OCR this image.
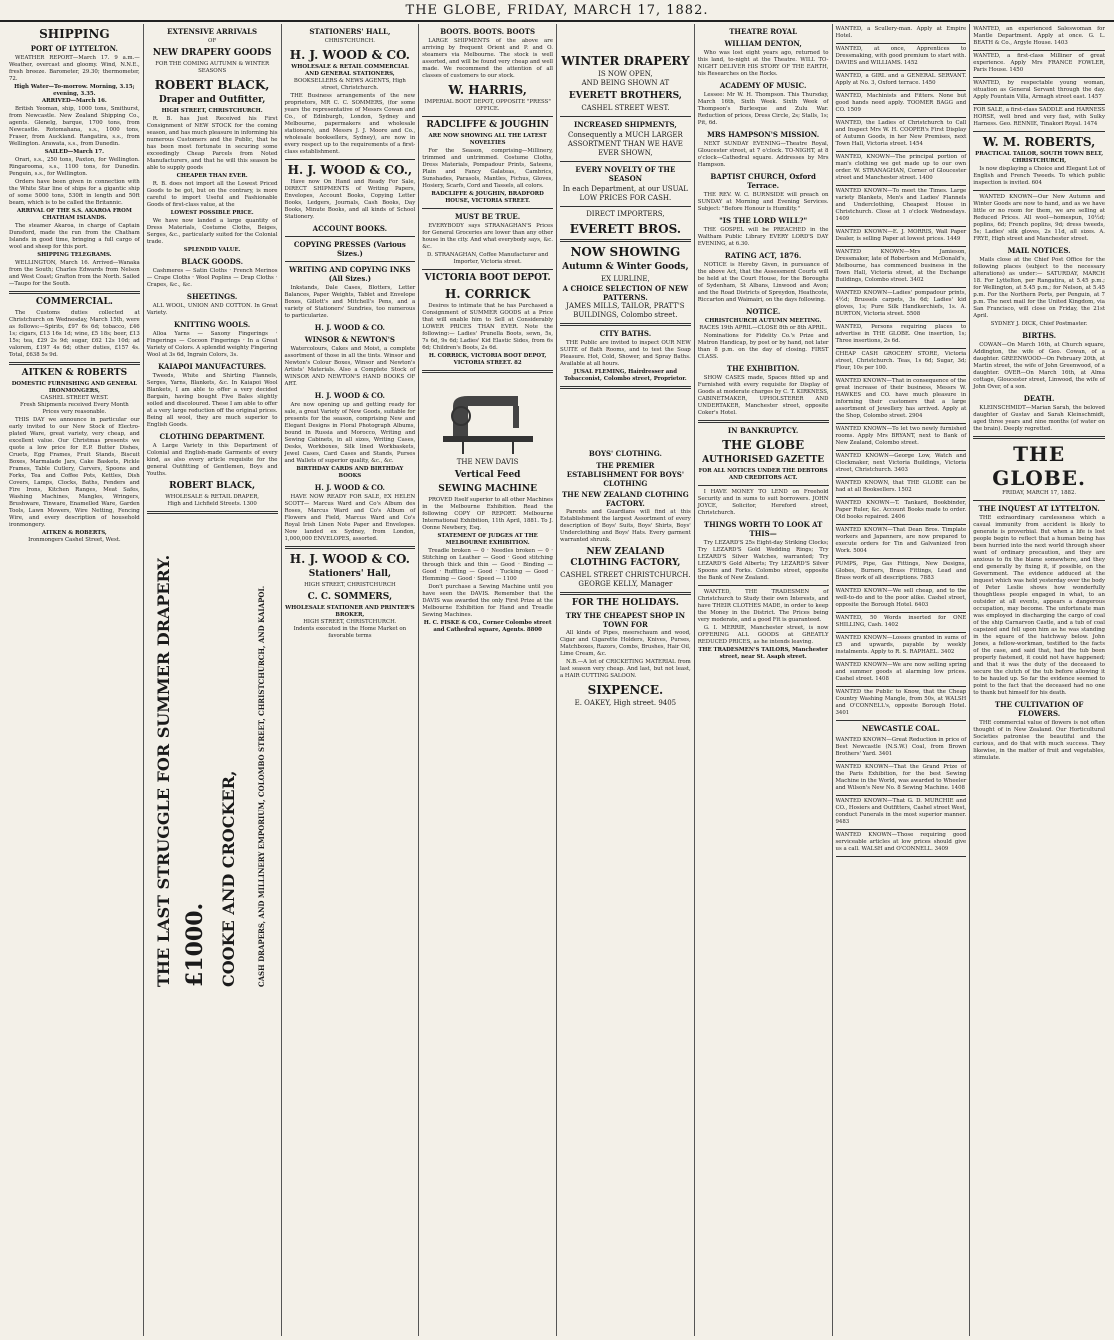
THE GLOBE, FRIDAY, MARCH 17, 1882.
SHIPPING
PORT OF LYTTELTON.

WEATHER REPORT—March 17. 9 a.m.—Weather, overcast and gloomy. Wind, N.N.E., fresh breeze. Barometer, 29.30; thermometer, 72.

High Water—To-morrow. Morning, 3.15; evening, 3.35.
ARRIVED—March 16.

British Yeoman, ship, 1000 tons, Smithurst, from Newcastle. New Zealand Shipping Co., agents. Glenelg, barque, 1700 tons, from Newcastle. Rotomahana, s.s., 1000 tons, Fraser, from Auckland. Rangatira, s.s., from Wellington. Arawata, s.s., from Dunedin.

SAILED—March 17.

Orari, s.s., 250 tons, Paxton, for Wellington. Ringarooma, s.s., 1100 tons, for Dunedin. Penguin, s.s., for Wellington.

Orders have been given in connection with the White Star line of ships for a gigantic ship of some 5000 tons, 530ft in length and 50ft beam, which is to be called the Britannic.

ARRIVAL OF THE S.S. AKAROA FROM CHATHAM ISLANDS.

The steamer Akaroa, in charge of Captain Dunsford, made the run from the Chatham Islands in good time, bringing a full cargo of wool and sheep for this port.

SHIPPING TELEGRAMS.

WELLINGTON, March 16. Arrived—Wanaka from the South; Charles Edwards from Nelson and West Coast; Grafton from the North. Sailed—Taupo for the South.

COMMERCIAL.

The Customs duties collected at Christchurch on Wednesday, March 15th, were as follows:—Spirits, £97 6s 6d; tobacco, £46 1s; cigars, £13 16s 1d; wine, £5 18s; beer, £13 15s; tea, £29 2s 9d; sugar, £62 12s 10d; ad valorem, £197 4s 6d; other duties, £157 4s. Total, £638 5s 9d.

AITKEN & ROBERTS
DOMESTIC FURNISHING AND GENERAL IRONMONGERS,
CASHEL STREET WEST.
Fresh Shipments received Every Month
Prices very reasonable.

THIS DAY we announce in particular our early invited to our New Stock of Electro-plated Ware, great variety, very cheap, and excellent value. Our Christmas presents we quote a low price for E.P. Butter Dishes, Cruets, Egg Frames, Fruit Stands, Biscuit Boxes, Marmalade Jars, Cake Baskets, Pickle Frames, Table Cutlery, Carvers, Spoons and Forks, Tea and Coffee Pots, Kettles, Dish Covers, Lamps, Clocks, Baths, Fenders and Fire Irons, Kitchen Ranges, Meat Safes, Washing Machines, Mangles, Wringers, Brushware, Tinware, Enamelled Ware, Garden Tools, Lawn Mowers, Wire Netting, Fencing Wire, and every description of household ironmongery.

AITKEN & ROBERTS,
Ironmongers Cashel Street, West.
EXTENSIVE ARRIVALS
OF
NEW DRAPERY GOODS
FOR THE COMING AUTUMN & WINTER SEASONS
ROBERT BLACK,
Draper and Outfitter,
HIGH STREET, CHRISTCHURCH.

R. B. has Just Received his First Consignment of NEW STOCK for the coming season, and has much pleasure in informing his numerous Customers and the Public, that he has been most fortunate in securing some exceedingly Cheap Parcels from Noted Manufacturers, and that he will this season be able to supply goods

CHEAPER THAN EVER.

R. B. does not import all the Lowest Priced Goods to be got, but on the contrary, is more careful to import Useful and Fashionable Goods of first-class value, at the

LOWEST POSSIBLE PRICE.

We have now landed a large quantity of Dress Materials, Costume Cloths, Beiges, Serges, &c., particularly suited for the Colonial trade.

SPLENDID VALUE.
BLACK GOODS.

Cashmeres — Satin Cloths · French Merinos — Crape Cloths · Wool Poplins — Drap Cloths · Crapes, &c., &c.

SHEETINGS.

ALL WOOL, UNION AND COTTON. In Great Variety.

KNITTING WOOLS.

Alloa Yarns — Saxony Fingerings · Fingerings — Cocoon Fingerings · In a Great Variety of Colors. A splendid weighty Fingering Wool at 3s 6d, Ingrain Colors, 3s.

KAIAPOI MANUFACTURES.

Tweeds, White and Shirting Flannels, Serges, Yarns, Blankets, &c. In Kaiapoi Wool Blankets, I am able to offer a very decided Bargain, having bought Five Bales slightly soiled and discoloured. These I am able to offer at a very large reduction off the original prices. Being all wool, they are much superior to English Goods.

CLOTHING DEPARTMENT.

A Large Variety in this Department of Colonial and English-made Garments of every kind, as also every article requisite for the general Outfitting of Gentlemen, Boys and Youths.

ROBERT BLACK,
WHOLESALE & RETAIL DRAPER,
High and Lichfield Streets. 1300
THE LAST STRUGGLE FOR SUMMER DRAPERY. £1000. COOKE AND CROCKER,	CASH DRAPERS, AND MILLINERY EMPORIUM, COLOMBO STREET, CHRISTCHURCH, AND KAIAPOI.
STATIONERS' HALL,
CHRISTCHURCH.
H. J. WOOD & CO.
WHOLESALE & RETAIL COMMERCIAL AND GENERAL STATIONERS,
BOOKSELLERS & NEWS AGENTS, High street, Christchurch.

THE Business arrangements of the new proprietors, MR C. C. SOMMERS, (for some years the representative of Messrs Cowan and Co., of Edinburgh, London, Sydney and Melbourne, papermakers and wholesale stationers), and Messrs J. J. Moore and Co., wholesale booksellers, Sydney), are now in every respect up to the requirements of a first-class establishment.

H. J. WOOD & CO.,

Have now On Hand and Ready For Sale, DIRECT SHIPMENTS of Writing Papers, Envelopes, Account Books, Copying Letter Books, Ledgers, Journals, Cash Books, Day Books, Minute Books, and all kinds of School Stationery.

ACCOUNT BOOKS.
COPYING PRESSES (Various Sizes.)
WRITING AND COPYING INKS (All Sizes.)

Inkstands, Dale Cases, Blotters, Letter Balances, Paper Weights, Tablet and Envelope Boxes, Gillott's and Mitchell's Pens, and a variety of Stationers' Sundries, too numerous to particularize.

H. J. WOOD & CO.
WINSOR & NEWTON'S

Watercolours, Cakes and Moist, a complete assortment of those in all the tints. Winsor and Newton's Colour Boxes, Winsor and Newton's Artists' Materials. Also a Complete Stock of WINSOR AND NEWTON'S HAND BOOKS OF ART.

H. J. WOOD & CO.

Are now opening up and getting ready for sale, a great Variety of New Goods, suitable for presents for the season, comprising New and Elegant Designs in Floral Photograph Albums, bound in Russia and Morocco, Writing and Sewing Cabinets, in all sizes, Writing Cases, Desks, Workboxes, Silk lined Workbaskets, Jewel Cases, Card Cases and Stands, Purses and Wallets of superior quality, &c., &c.

BIRTHDAY CARDS AND BIRTHDAY BOOKS
H. J. WOOD & CO.

HAVE NOW READY FOR SALE, EX HELEN SCOTT— Marcus Ward and Co's Album des Roses, Marcus Ward and Co's Album of Flowers and Field, Marcus Ward and Co's Royal Irish Linen Note Paper and Envelopes. Now landed ex Sydney, from London, 1,000,000 ENVELOPES, assorted.

H. J. WOOD & CO.
Stationers' Hall,
HIGH STREET, CHRISTCHURCH
C. C. SOMMERS,
WHOLESALE STATIONER AND PRINTER'S BROKER,
HIGH STREET, CHRISTCHURCH.
Indents executed in the Home Market on favorable terms
BOOTS. BOOTS. BOOTS

LARGE SHIPMENTS of the above are arriving by frequent Orient and P. and O. steamers via Melbourne. The stock is well assorted, and will be found very cheap and well made. We recommend the attention of all classes of customers to our stock.

W. HARRIS,
IMPERIAL BOOT DEPOT, OPPOSITE "PRESS" OFFICE.
RADCLIFFE & JOUGHIN
ARE NOW SHOWING ALL THE LATEST NOVELTIES

For the Season, comprising—Millinery, trimmed and untrimmed. Costume Cloths, Dress Materials, Pompadour Prints, Sateens, Plain and Fancy Galateas, Cambrics, Sunshades, Parasols, Mantles, Fichus, Gloves, Hosiery, Scarfs, Cord and Tassels, all colors.

RADCLIFFE & JOUGHIN, BRADFORD HOUSE, VICTORIA STREET.
MUST BE TRUE.

EVERYBODY says STRANAGHAN'S Prices for General Groceries are lower than any other house in the city. And what everybody says, &c. &c.

D. STRANAGHAN, Coffee Manufacturer and Importer, Victoria street.
VICTORIA BOOT DEPOT.
H. CORRICK

Desires to intimate that he has Purchased a Consignment of SUMMER GOODS at a Price that will enable him to Sell at Considerably LOWER PRICES THAN EVER. Note the following:— Ladies' Prunella Boots, sewn, 5s, 7s 6d, 9s 6d; Ladies' Kid Elastic Sides, from 6s 6d; Children's Boots, 2s 6d.

H. CORRICK, VICTORIA BOOT DEPOT, VICTORIA STREET. 82
THE NEW DAVIS
Vertical Feed
SEWING MACHINE

PROVED Itself superior to all other Machines in the Melbourne Exhibition. Read the following COPY OF REPORT. Melbourne International Exhibition, 11th April, 1881. To J. Oonne Newbery, Esq.

STATEMENT OF JUDGES AT THE MELBOURNE EXHIBITION.

Treadle broken — 0 · Needles broken — 0 · Stitching on Leather — Good · Good stitching through thick and thin — Good · Binding — Good · Ruffling — Good · Tucking — Good · Hemming — Good · Speed — 1100

Don't purchase a Sewing Machine until you have seen the DAVIS. Remember that the DAVIS was awarded the only First Prize at the Melbourne Exhibition for Hand and Treadle Sewing Machines.

H. C. FISKE & CO., Corner Colombo street and Cathedral square, Agents. 8800
WINTER DRAPERY
IS NOW OPEN,
AND BEING SHOWN AT
EVERETT BROTHERS,
CASHEL STREET WEST.
INCREASED SHIPMENTS,
Consequently a MUCH LARGER ASSORTMENT THAN WE HAVE EVER SHOWN,
EVERY NOVELTY OF THE SEASON
In each Department, at our USUAL LOW PRICES FOR CASH.
DIRECT IMPORTERS,
EVERETT BROS.
NOW SHOWING
Autumn & Winter Goods,
EX LURLINE,
A CHOICE SELECTION OF NEW PATTERNS.
JAMES MILLS, TAILOR, PRATT'S BUILDINGS, Colombo street.
CITY BATHS.

THE Public are invited to inspect OUR NEW SUITE of Bath Rooms, and to test the Soap Pleasure. Hot, Cold, Shower, and Spray Baths. Available at all hours.

JUSAL FLEMING, Hairdresser and Tobacconist, Colombo street, Proprietor.
BOYS' CLOTHING.
THE PREMIER ESTABLISHMENT FOR BOYS' CLOTHING
THE NEW ZEALAND CLOTHING FACTORY.

Parents and Guardians will find at this Establishment the largest Assortment of every description of Boys' Suits, Boys' Shirts, Boys' Underclothing and Boys' Hats. Every garment warranted shrunk.

NEW ZEALAND CLOTHING FACTORY,
CASHEL STREET CHRISTCHURCH.
GEORGE KELLY, Manager
FOR THE HOLIDAYS.
TRY THE CHEAPEST SHOP IN TOWN FOR

All kinds of Pipes, meerschaum and wood, Cigar and Cigarette Holders, Knives, Purses, Matchboxes, Razors, Combs, Brushes, Hair Oil, Lime Cream, &c.

N.B.—A lot of CRICKETING MATERIAL from last season very cheap. And last, but not least, a HAIR CUTTING SALOON.

SIXPENCE.
E. OAKEY, High street. 9405
THEATRE ROYAL
WILLIAM DENTON,

Who was lost eight years ago, returned to this land, to-night at the Theatre. WILL TO-NIGHT DELIVER HIS STORY OF THE EARTH, his Researches on the Rocks.

ACADEMY OF MUSIC.

Lessee: Mr W. H. Thompson. This Thursday, March 16th, Sixth Week. Sixth Week of Thompson's Burlesque and Zulu War. Reduction of prices, Dress Circle, 2s; Stalls, 1s; Pit, 6d.

MRS HAMPSON'S MISSION.

NEXT SUNDAY EVENING—Theatre Royal, Gloucester street, at 7 o'clock. TO-NIGHT, at 8 o'clock—Cathedral square. Addresses by Mrs Hampson.

BAPTIST CHURCH, Oxford Terrace.

THE REV. W. C. BURNSIDE will preach on SUNDAY at Morning and Evening Services. Subject: "Before Honour is Humility."

"IS THE LORD WILL?"

THE GOSPEL will be PREACHED in the Waltham Public Library EVERY LORD'S DAY EVENING, at 6.30.

RATING ACT, 1876.

NOTICE is Hereby Given, in pursuance of the above Act, that the Assessment Courts will be held at the Court House, for the Boroughs of Sydenham, St Albans, Linwood and Avon; and the Road Districts of Spreydon, Heathcote, Riccarton and Waimairi, on the days following.

NOTICE.
CHRISTCHURCH AUTUMN MEETING.
RACES 19th APRIL—CLOSE 8th or 8th APRIL.

Nominations for Fidelity Co.'s Prize and Matron Handicap, by post or by hand, not later than 8 p.m. on the day of closing. FIRST CLASS.

THE EXHIBITION.

SHOW CASES made, Spaces fitted up and Furnished with every requisite for Display of Goods at moderate charges by C. T. KIRKNESS, CABINETMAKER, UPHOLSTERER AND UNDERTAKER, Manchester street, opposite Coker's Hotel.

IN BANKRUPTCY.
THE GLOBE
AUTHORISED GAZETTE
FOR ALL NOTICES UNDER THE DEBTORS AND CREDITORS ACT.

I HAVE MONEY TO LEND on Freehold Security and in sums to suit borrowers. JOHN JOYCE, Solicitor, Hereford street, Christchurch.

THINGS WORTH TO LOOK AT THIS—

Try LEZARD'S 25s Eight-day Striking Clocks; Try LEZARD'S Gold Wedding Rings; Try LEZARD'S Silver Watches, warranted; Try LEZARD'S Gold Alberts; Try LEZARD'S Silver Spoons and Forks. Colombo street, opposite the Bank of New Zealand.

WANTED, THE TRADESMEN of Christchurch to Study their own Interests, and have THEIR CLOTHES MADE, in order to keep the Money in the District. The Prices being very moderate, and a good Fit is guaranteed.

G. I. MERRIE, Manchester street, is now OFFERING ALL GOODS at GREATLY REDUCED PRICES, as he intends leaving.

THE TRADESMEN'S TAILORS, Manchester street, near St. Asaph street.
WANTED, a Scullery-man. Apply at Empire Hotel.
WANTED, at once, Apprentices to Dressmaking, with good premium to start with. DAVIES and WILLIAMS. 1452
WANTED, a GIRL and a GENERAL SERVANT. Apply at No. 3, Oxford terrace. 1450
WANTED, Machinists and Fitters. None but good hands need apply. TOOMER BAGG and CO. 1509
WANTED, the Ladies of Christchurch to Call and Inspect Mrs W. H. COOPER's First Display of Autumn Goods, in her New Premises, next Town Hall, Victoria street. 1454
WANTED, KNOWN—The principal portion of man's clothing we get made up to our own order. W. STRANAGHAN, Corner of Gloucester street and Manchester street. 1400
WANTED KNOWN—To meet the Times. Large variety Blankets, Men's and Ladies' Flannels and Underclothing, Cheapest House in Christchurch. Close at 1 o'clock Wednesdays. 1409
WANTED KNOWN—E. J. MORRIS, Wall Paper Dealer, is selling Paper at lowest prices. 1449
WANTED KNOWN—Mrs Jamieson, Dressmaker, late of Robertson and McDonald's, Melbourne, has commenced business in the Town Hall, Victoria street, at the Exchange Buildings, Colombo street. 3402
WANTED KNOWN—Ladies' pompadour prints, 4½d; Brussels carpets, 3s 6d; Ladies' kid gloves, 1s; Pure Silk Handkerchiefs, 1s. A. BURTON, Victoria street. 5508
WANTED, Persons requiring places to advertise in THE GLOBE. One insertion, 1s; Three insertions, 2s 6d.
CHEAP CASH GROCERY STORE, Victoria street, Christchurch. Teas, 1s 6d; Sugar, 3d; Flour, 10s per 100.
WANTED KNOWN—That in consequence of the great increase of their business, Messrs W. HAWKES and CO. have much pleasure in informing their customers that a large assortment of Jewellery has arrived. Apply at the Shop, Colombo street. 2904
WANTED KNOWN—To let two newly furnished rooms. Apply Mrs BRYANT, next to Bank of New Zealand, Colombo street.
WANTED KNOWN—George Low, Watch and Clockmaker, next Victoria Buildings, Victoria street, Christchurch. 3403
WANTED KNOWN, that THE GLOBE can be had at all Booksellers. 1502
WANTED KNOWN—T. Tankard, Bookbinder, Paper Ruler, &c. Account Books made to order. Old books repaired. 2406
WANTED KNOWN—That Dean Bros. Timplate workers and Japanners, are now prepared to execute orders for Tin and Galvanized Iron Work. 5004
PUMPS, Pipe, Gas Fittings, New Designs, Globes, Burners, Brass Fittings, Lead and Brass work of all descriptions. 7883
WANTED KNOWN—We sell cheap, and to the well-to-do and to the poor alike. Cashel street, opposite the Borough Hotel. 6403
WANTED, 50 Words inserted for ONE SHILLING, Cash. 1402
WANTED KNOWN—Losses granted in sums of £5 and upwards, payable by weekly instalments. Apply to R. S. RAPHAEL. 3402
WANTED KNOWN—We are now selling spring and summer goods at alarming low prices. Cashel street. 1408
WANTED the Public to Know, that the Cheap Country Washing Mangle, from 50s, at WALSH and O'CONNELL's, opposite Borough Hotel. 3401
NEWCASTLE COAL.
WANTED KNOWN—Great Reduction in price of Best Newcastle (N.S.W.) Coal, from Brown Brothers' Yard. 3401
WANTED KNOWN—That the Grand Prize of the Paris Exhibition, for the best Sewing Machine in the World, was awarded to Wheeler and Wilson's New No. 8 Sewing Machine. 1408
WANTED KNOWN—That G. D. MURCHIE and CO., Hosiers and Outfitters, Cashel street West, conduct Funerals in the most superior manner. 9483
WANTED KNOWN—Those requiring good serviceable articles at low prices should give us a call. WALSH and O'CONNELL. 3409
WANTED, an experienced Saleswoman for Mantle Department. Apply at once. G. L. BEATH & Co., Argyle House. 1403
WANTED, a first-class Milliner of great experience. Apply Mrs FRANCE FOWLER, Paris House. 1450
WANTED, by respectable young woman, situation as General Servant through the day. Apply Fountain Villa, Armagh street east. 1457
FOR SALE, a first-class SADDLE and HARNESS HORSE, well bred and very fast, with Sulky Harness. Geo. RENNIE, Tinakori Royal. 1474
W. M. ROBERTS,
PRACTICAL TAILOR, SOUTH TOWN BELT, CHRISTCHURCH,

Is now displaying a Choice and Elegant Lot of English and French Tweeds. To which public inspection is invited. 604

WANTED KNOWN—Our New Autumn and Winter Goods are now to hand, and as we have little or no room for them, we are selling at Reduced Prices. All wool—homespun, 10½d; poplins, 6d; French poplins, 9d; dress tweeds, 5s; Ladies' silk gloves, 2s 11d, all sizes. A. FRYE, High street and Manchester street.

MAIL NOTICES.

Mails close at the Chief Post Office for the following places (subject to the necessary alterations) as under:— SATURDAY, MARCH 18. For Lyttelton, per Rangatira, at 5.45 p.m.; for Wellington, at 5.45 p.m.; for Nelson, at 5.45 p.m. For the Northern Ports, per Penguin, at 7 p.m. The next mail for the United Kingdom, via San Francisco, will close on Friday, the 21st April.

SYDNEY J. DICK, Chief Postmaster.
BIRTHS.

COWAN—On March 16th, at Church square, Addington, the wife of Geo. Cowan, of a daughter. GREENWOOD—On February 20th, at Martin street, the wife of John Greenwood, of a daughter. OVER—On March 16th, at Alma cottage, Gloucester street, Linwood, the wife of John Over, of a son.

DEATH.

KLEINSCHMIDT—Marian Sarah, the beloved daughter of Gustav and Sarah Kleinschmidt, aged three years and nine months (of water on the brain). Deeply regretted.

THE GLOBE.
FRIDAY, MARCH 17, 1882.
THE INQUEST AT LYTTELTON.

THE extraordinary carelessness which a casual immunity from accident is likely to generate is proverbial. But when a life is lost people begin to reflect that a human being has been hurried into the next world through sheer want of ordinary precaution, and they are anxious to fix the blame somewhere, and they end generally by fixing it, if possible, on the Government. The evidence adduced at the inquest which was held yesterday over the body of Peter Leslie shows how wonderfully thoughtless people engaged in what, to an outsider at all events, appears a dangerous occupation, may become. The unfortunate man was employed in discharging the cargo of coal of the ship Carnarvon Castle, and a tub of coal capsized and fell upon him as he was standing in the square of the hatchway below. John Jones, a fellow-workman, testified to the facts of the case, and said that, had the tub been properly fastened, it could not have happened; and that it was the duty of the deceased to secure the clutch of the tub before allowing it to be hauled up. So far the evidence seemed to point to the fact that the deceased had no one to thank but himself for his death.

THE CULTIVATION OF FLOWERS.

THE commercial value of flowers is not often thought of in New Zealand. Our Horticultural Societies patronise the beautiful and the curious, and do that with much success. They likewise, in the matter of fruit and vegetables, stimulate.
